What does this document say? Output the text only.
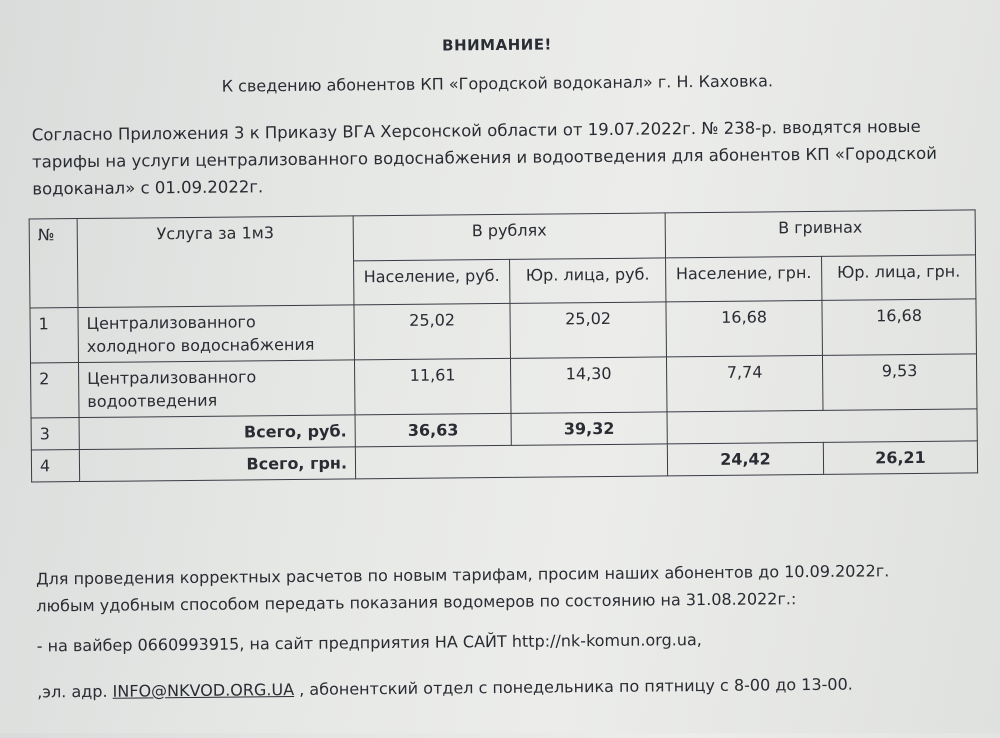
ВНИМАНИЕ!
К сведению абонентов КП «Городской водоканал» г. Н. Каховка.
Согласно Приложения 3 к Приказу ВГА Херсонской области от 19.07.2022г. № 238-р. вводятся новые
тарифы на услуги централизованного водоснабжения и водоотведения для абонентов КП «Городской
водоканал» с 01.09.2022г.
№	Услуга за 1м3	В рублях		В гривнах	
		Население, руб.	Юр. лица, руб.	Население, грн.	Юр. лица, грн.
1	Централизованного холодного водоснабжения	25,02	25,02	16,68	16,68
2	Централизованного водоотведения	11,61	14,30	7,74	9,53
3	Всего, руб.	36,63	39,32		
4	Всего, грн.			24,42	26,21
Для проведения корректных расчетов по новым тарифам, просим наших абонентов до 10.09.2022г.
любым удобным способом передать показания водомеров по состоянию на 31.08.2022г.:
- на вайбер 0660993915, на сайт предприятия НА САЙТ http://nk-komun.org.ua,
,эл. адр. INFO@NKVOD.ORG.UA , абонентский отдел с понедельника по пятницу с 8-00 до 13-00.
